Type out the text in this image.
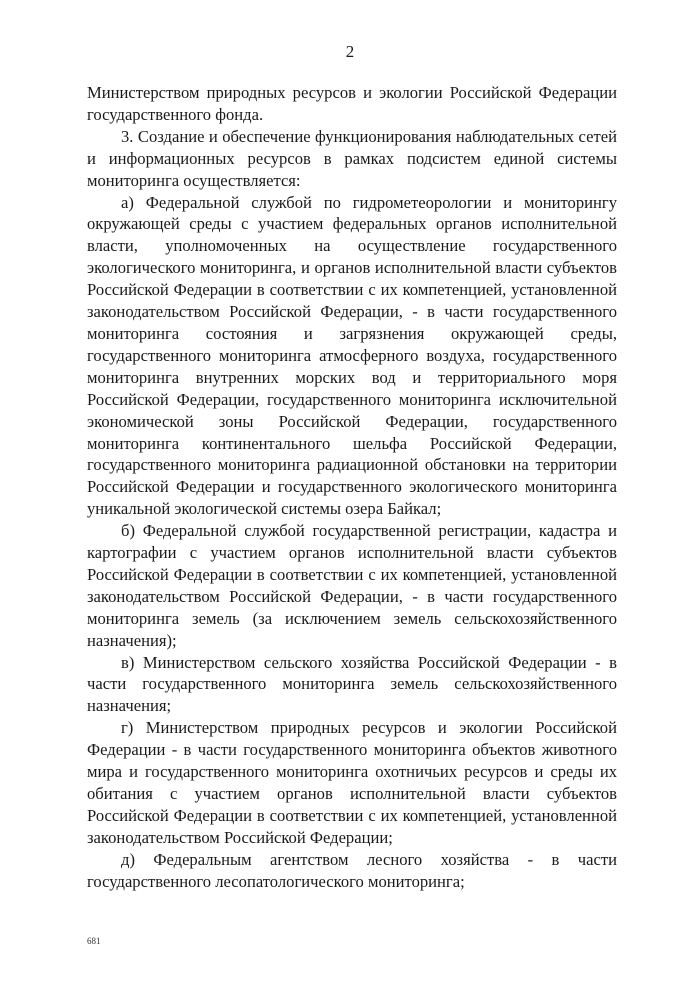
2

Министерством природных ресурсов и экологии Российской Федерации государственного фонда.

3. Создание и обеспечение функционирования наблюдательных сетей и информационных ресурсов в рамках подсистем единой системы мониторинга осуществляется:

а) Федеральной службой по гидрометеорологии и мониторингу окружающей среды с участием федеральных органов исполнительной власти, уполномоченных на осуществление государственного экологического мониторинга, и органов исполнительной власти субъектов Российской Федерации в соответствии с их компетенцией, установленной законодательством Российской Федерации, - в части государственного мониторинга состояния и загрязнения окружающей среды, государственного мониторинга атмосферного воздуха, государственного мониторинга внутренних морских вод и территориального моря Российской Федерации, государственного мониторинга исключительной экономической зоны Российской Федерации, государственного мониторинга континентального шельфа Российской Федерации, государственного мониторинга радиационной обстановки на территории Российской Федерации и государственного экологического мониторинга уникальной экологической системы озера Байкал;

б) Федеральной службой государственной регистрации, кадастра и картографии с участием органов исполнительной власти субъектов Российской Федерации в соответствии с их компетенцией, установленной законодательством Российской Федерации, - в части государственного мониторинга земель (за исключением земель сельскохозяйственного назначения);

в) Министерством сельского хозяйства Российской Федерации - в части государственного мониторинга земель сельскохозяйственного назначения;

г) Министерством природных ресурсов и экологии Российской Федерации - в части государственного мониторинга объектов животного мира и государственного мониторинга охотничьих ресурсов и среды их обитания с участием органов исполнительной власти субъектов Российской Федерации в соответствии с их компетенцией, установленной законодательством Российской Федерации;

д) Федеральным агентством лесного хозяйства - в части государственного лесопатологического мониторинга;

681
